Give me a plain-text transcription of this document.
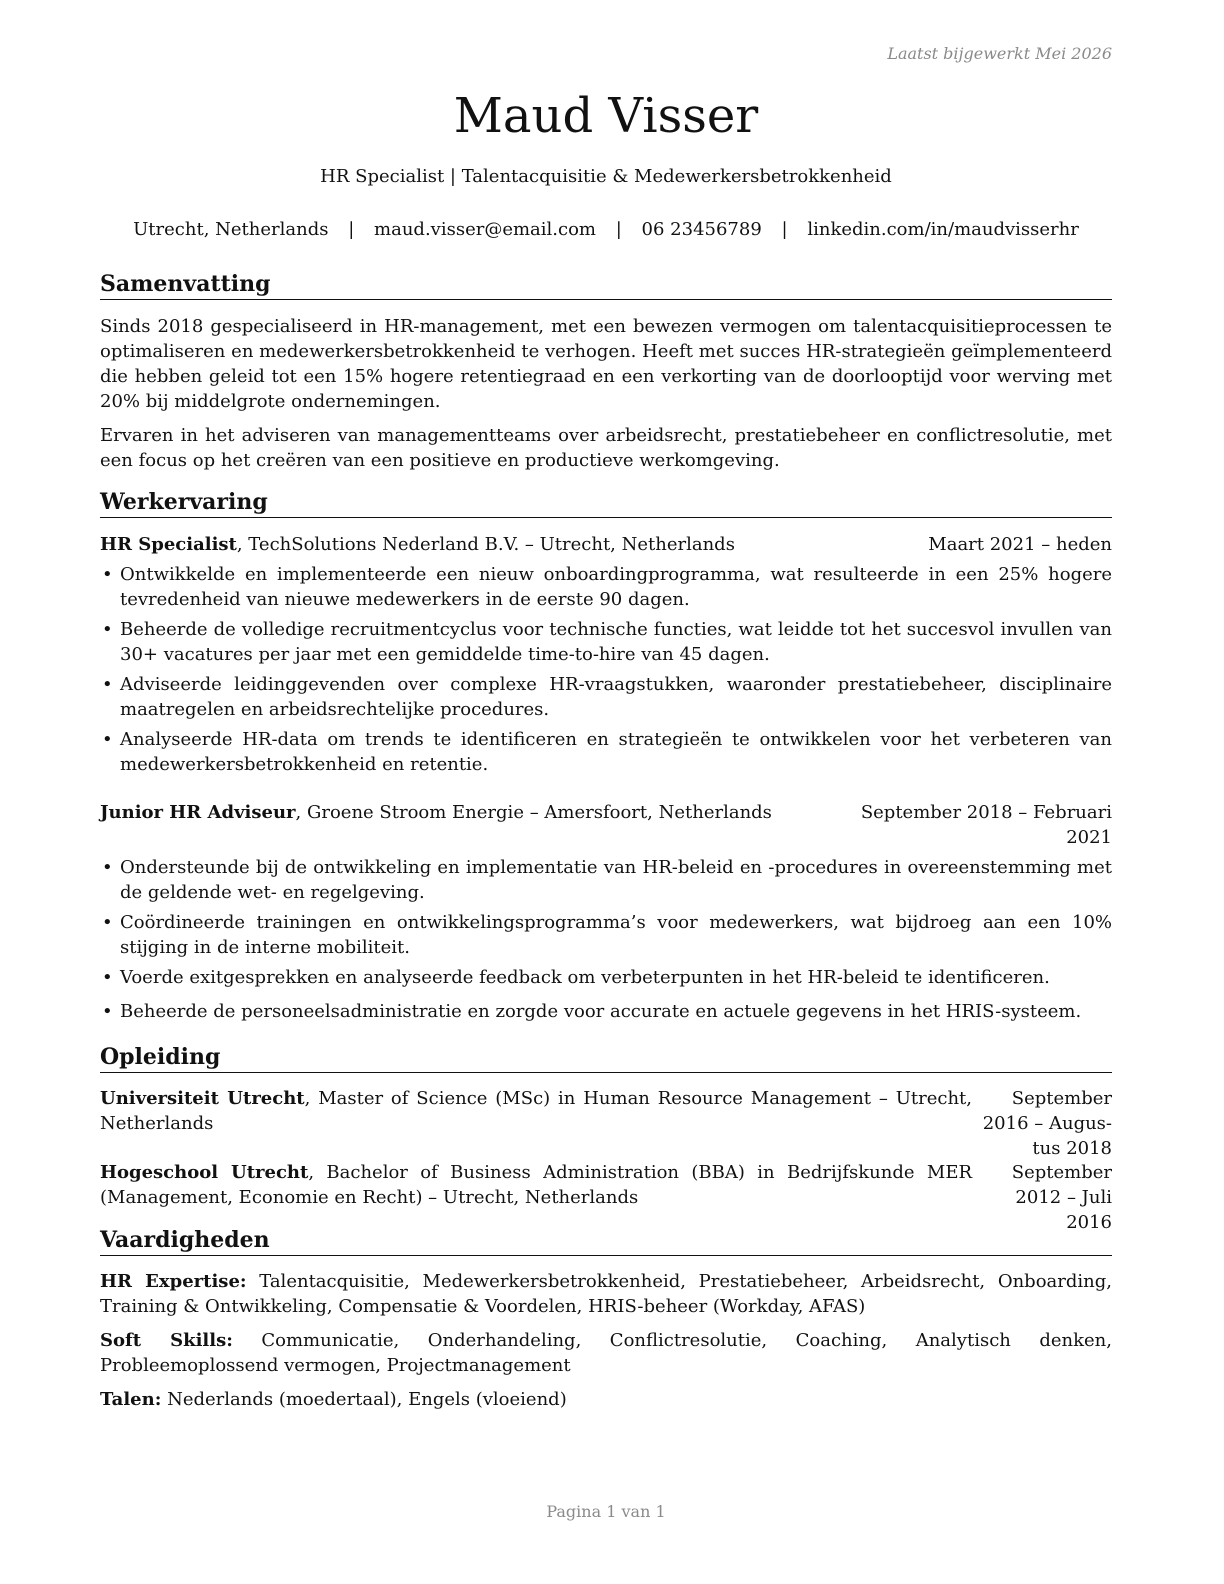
Laatst bijgewerkt Mei 2026
Maud Visser
HR Specialist | Talentacquisitie & Medewerkersbetrokkenheid
Utrecht, Netherlands | maud.visser@email.com | 06 23456789 | linkedin.com/in/maudvisserhr
Samenvatting
Sinds 2018 gespecialiseerd in HR-management, met een bewezen vermogen om talentacquisitieprocessen te optimaliseren en medewerkersbetrokkenheid te verhogen. Heeft met succes HR-strategieën geïmplementeerd die hebben geleid tot een 15% hogere retentiegraad en een verkorting van de doorlooptijd voor werving met 20% bij middelgrote ondernemingen.
Ervaren in het adviseren van managementteams over arbeidsrecht, prestatiebeheer en conflictresolutie, met een focus op het creëren van een positieve en productieve werkomgeving.
Werkervaring
HR Specialist, TechSolutions Nederland B.V. – Utrecht, Netherlands	Maart 2021 – heden
• Ontwikkelde en implementeerde een nieuw onboardingprogramma, wat resulteerde in een 25% hogere tevredenheid van nieuwe medewerkers in de eerste 90 dagen.
• Beheerde de volledige recruitmentcyclus voor technische functies, wat leidde tot het succesvol invullen van 30+ vacatures per jaar met een gemiddelde time-to-hire van 45 dagen.
• Adviseerde leidinggevenden over complexe HR-vraagstukken, waaronder prestatiebeheer, disciplinaire maatregelen en arbeidsrechtelijke procedures.
• Analyseerde HR-data om trends te identificeren en strategieën te ontwikkelen voor het verbeteren van medewerkersbetrokkenheid en retentie.
Junior HR Adviseur, Groene Stroom Energie – Amersfoort, Netherlands	September 2018 – Februari
2021
• Ondersteunde bij de ontwikkeling en implementatie van HR-beleid en -procedures in overeenstemming met de geldende wet- en regelgeving.
• Coördineerde trainingen en ontwikkelingsprogramma’s voor medewerkers, wat bijdroeg aan een 10% stijging in de interne mobiliteit.
• Voerde exitgesprekken en analyseerde feedback om verbeterpunten in het HR-beleid te identificeren.
• Beheerde de personeelsadministratie en zorgde voor accurate en actuele gegevens in het HRIS-systeem.
Opleiding
Universiteit Utrecht, Master of Science (MSc) in Human Resource Management – Utrecht, Netherlands
September 2016 – Augus-
tus 2018
Hogeschool Utrecht, Bachelor of Business Administration (BBA) in Bedrijfskunde MER (Management, Economie en Recht) – Utrecht, Netherlands
September 2012 – Juli
2016
Vaardigheden
HR Expertise: Talentacquisitie, Medewerkersbetrokkenheid, Prestatiebeheer, Arbeidsrecht, Onboarding, Training & Ontwikkeling, Compensatie & Voordelen, HRIS-beheer (Workday, AFAS)
Soft Skills: Communicatie, Onderhandeling, Conflictresolutie, Coaching, Analytisch denken, Probleemoplossend vermogen, Projectmanagement
Talen: Nederlands (moedertaal), Engels (vloeiend)
Pagina 1 van 1
